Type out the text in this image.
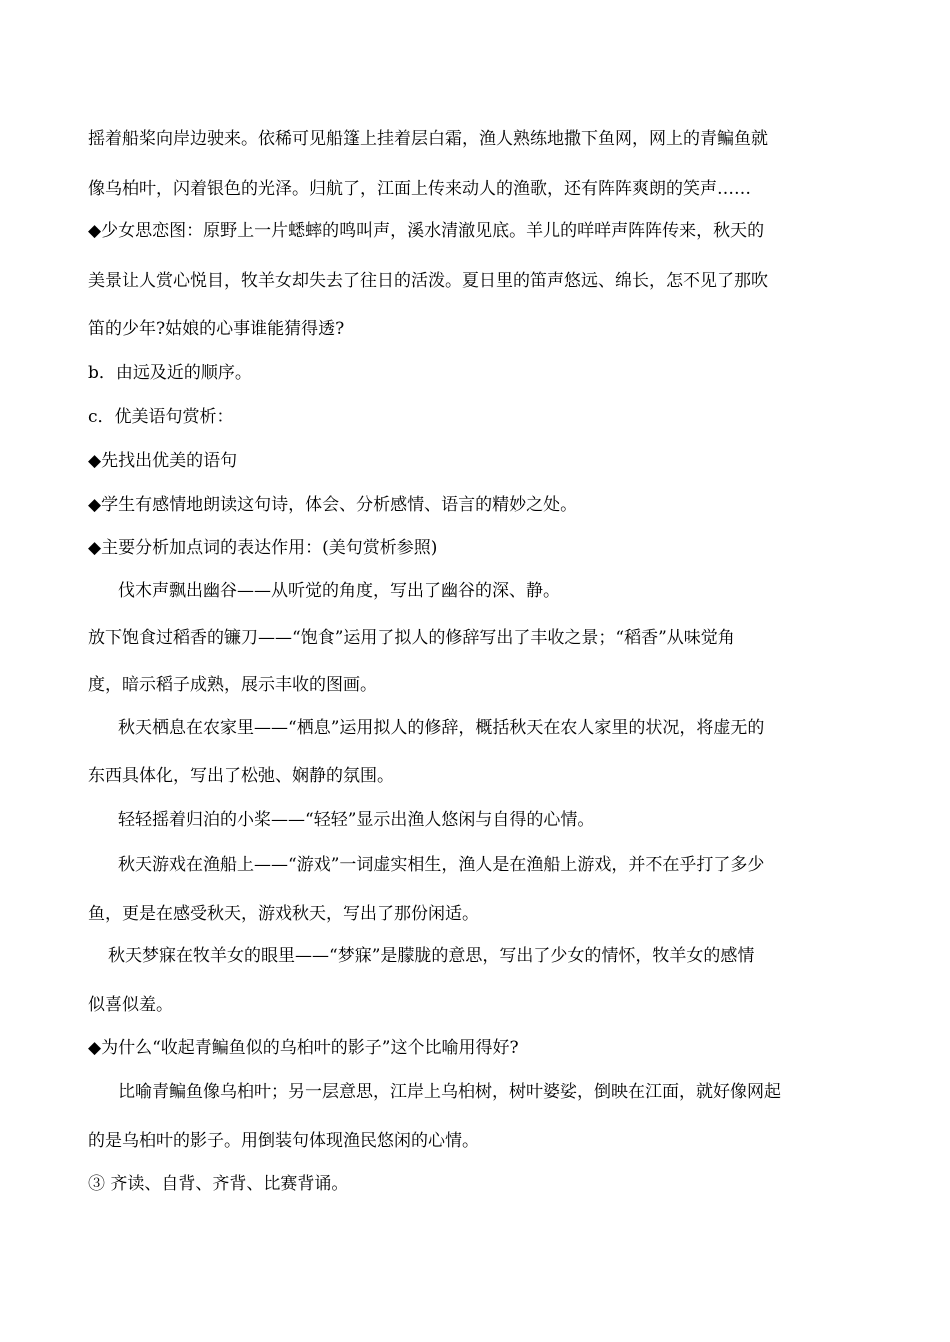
摇着船桨向岸边驶来。依稀可见船篷上挂着层白霜，渔人熟练地撒下鱼网，网上的青鳊鱼就
像乌柏叶，闪着银色的光泽。归航了，江面上传来动人的渔歌，还有阵阵爽朗的笑声……
◆少女思恋图：原野上一片蟋蟀的鸣叫声，溪水清澈见底。羊儿的咩咩声阵阵传来，秋天的
美景让人赏心悦目，牧羊女却失去了往日的活泼。夏日里的笛声悠远、绵长，怎不见了那吹
笛的少年?姑娘的心事谁能猜得透?
b．由远及近的顺序。
c．优美语句赏析：
◆先找出优美的语句
◆学生有感情地朗读这句诗，体会、分析感情、语言的精妙之处。
◆主要分析加点词的表达作用：(美句赏析参照)
伐木声飘出幽谷——从听觉的角度，写出了幽谷的深、静。
放下饱食过稻香的镰刀——“饱食”运用了拟人的修辞写出了丰收之景；“稻香”从味觉角
度，暗示稻子成熟，展示丰收的图画。
秋天栖息在农家里——“栖息”运用拟人的修辞，概括秋天在农人家里的状况，将虚无的
东西具体化，写出了松弛、娴静的氛围。
轻轻摇着归泊的小桨——“轻轻”显示出渔人悠闲与自得的心情。
秋天游戏在渔船上——“游戏”一词虚实相生，渔人是在渔船上游戏，并不在乎打了多少
鱼，更是在感受秋天，游戏秋天，写出了那份闲适。
秋天梦寐在牧羊女的眼里——“梦寐”是朦胧的意思，写出了少女的情怀，牧羊女的感情
似喜似羞。
◆为什么“收起青鳊鱼似的乌桕叶的影子”这个比喻用得好?
比喻青鳊鱼像乌桕叶；另一层意思，江岸上乌桕树，树叶婆娑，倒映在江面，就好像网起
的是乌桕叶的影子。用倒装句体现渔民悠闲的心情。
③ 齐读、自背、齐背、比赛背诵。
